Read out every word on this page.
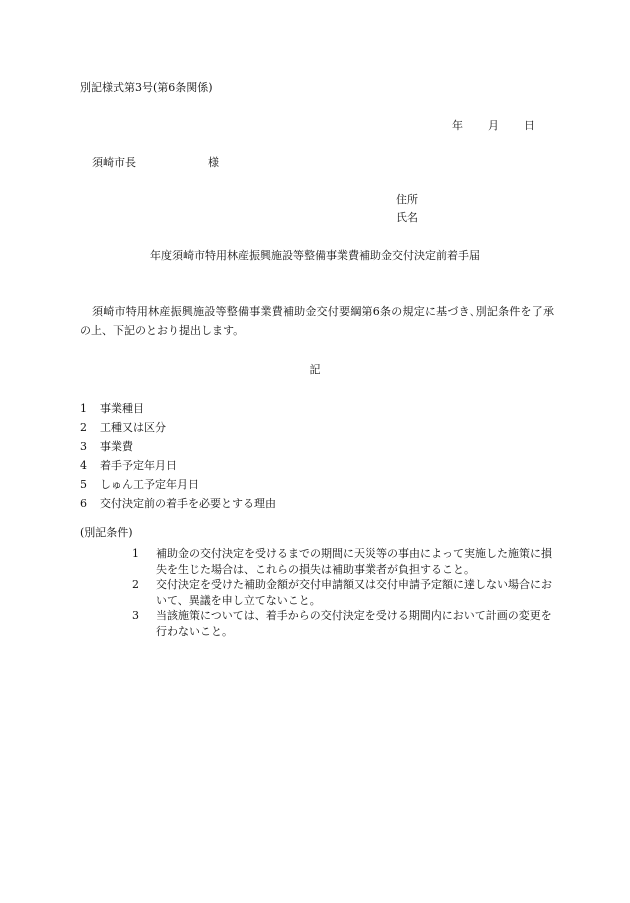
別記様式第3号(第6条関係)
年 月 日
須崎市長	様
住所
氏名
年度須崎市特用林産振興施設等整備事業費補助金交付決定前着手届
須崎市特用林産振興施設等整備事業費補助金交付要綱第6条の規定に基づき､別記条件を了承の上、下記のとおり提出します。
記
1	事業種目
2	工種又は区分
3	事業費
4	着手予定年月日
5	しゅん工予定年月日
6	交付決定前の着手を必要とする理由
(別記条件)
1	補助金の交付決定を受けるまでの期間に天災等の事由によって実施した施策に損失を生じた場合は、これらの損失は補助事業者が負担すること。
2	交付決定を受けた補助金額が交付申請額又は交付申請予定額に達しない場合において、異議を申し立てないこと。
3	当該施策については、着手からの交付決定を受ける期間内において計画の変更を行わないこと。
